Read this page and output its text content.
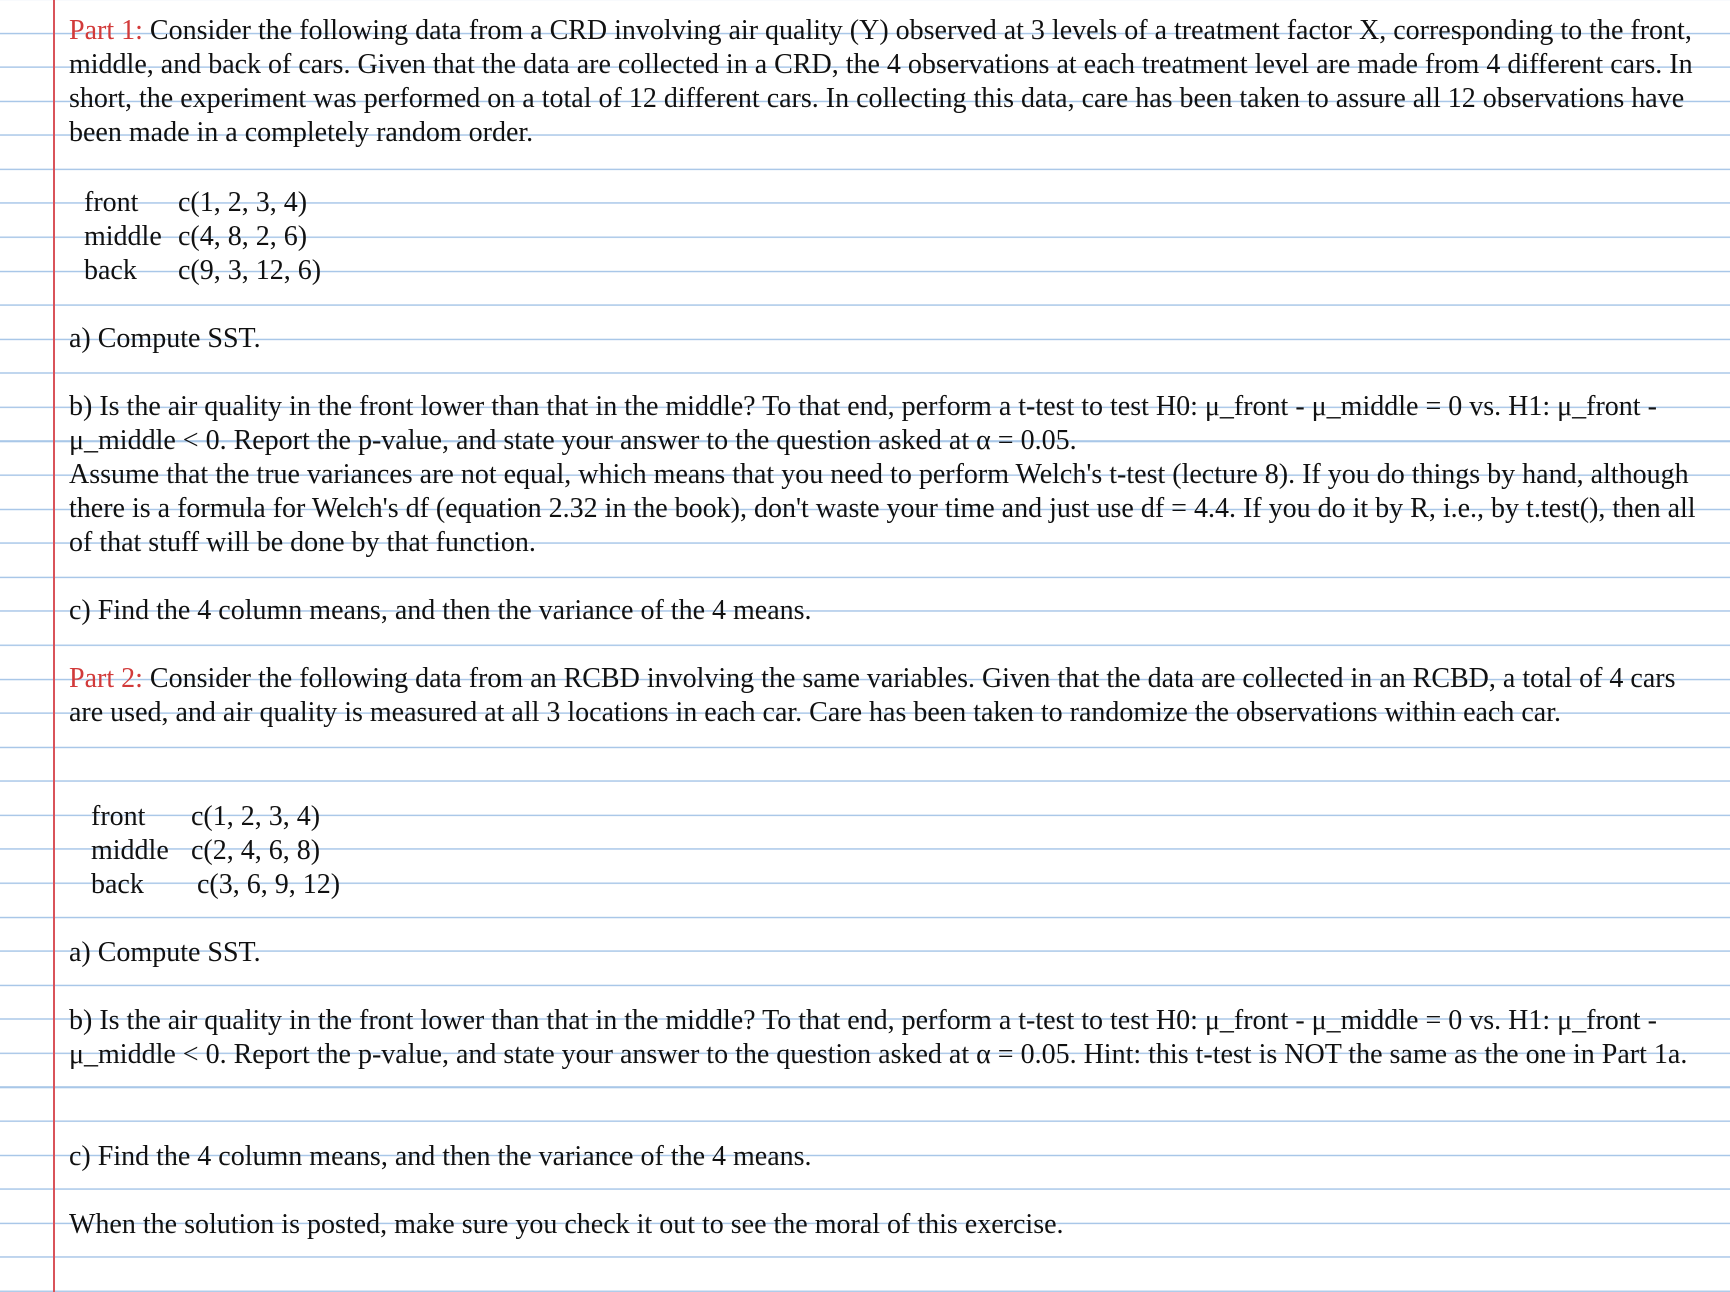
Part 1: Consider the following data from a CRD involving air quality (Y) observed at 3 levels of a treatment factor X, corresponding to the front, middle, and back of cars. Given that the data are collected in a CRD, the 4 observations at each treatment level are made from 4 different cars. In short, the experiment was performed on a total of 12 different cars. In collecting this data, care has been taken to assure all 12 observations have been made in a completely random order.

front	c(1, 2, 3, 4)
middle c(4, 8, 2, 6)
back	c(9, 3, 12, 6)

a) Compute SST.

b) Is the air quality in the front lower than that in the middle? To that end, perform a t-test to test H0: μ_front - μ_middle = 0 vs. H1: μ_front - μ_middle < 0. Report the p-value, and state your answer to the question asked at α = 0.05.

Assume that the true variances are not equal, which means that you need to perform Welch's t-test (lecture 8). If you do things by hand, although there is a formula for Welch's df (equation 2.32 in the book), don't waste your time and just use df = 4.4. If you do it by R, i.e., by t.test(), then all of that stuff will be done by that function.

c) Find the 4 column means, and then the variance of the 4 means.

Part 2: Consider the following data from an RCBD involving the same variables. Given that the data are collected in an RCBD, a total of 4 cars are used, and air quality is measured at all 3 locations in each car. Care has been taken to randomize the observations within each car.

front	c(1, 2, 3, 4)
middle c(2, 4, 6, 8)
back	c(3, 6, 9, 12)

a) Compute SST.

b) Is the air quality in the front lower than that in the middle? To that end, perform a t-test to test H0: μ_front - μ_middle = 0 vs. H1: μ_front - μ_middle < 0. Report the p-value, and state your answer to the question asked at α = 0.05. Hint: this t-test is NOT the same as the one in Part 1a.

c) Find the 4 column means, and then the variance of the 4 means.

When the solution is posted, make sure you check it out to see the moral of this exercise.
